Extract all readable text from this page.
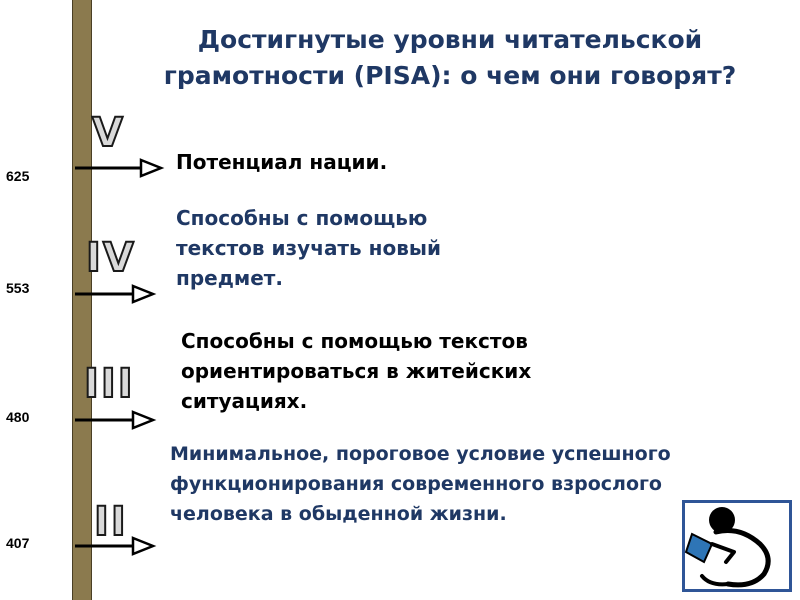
Достигнутые уровни читательской
грамотности (PISA): о чем они говорят?
625
553
480
407
V
IV
III
II
Потенциал нации.
Способны с помощью
текстов изучать новый
предмет.
Способны с помощью текстов
ориентироваться в житейских
ситуациях.
Минимальное, пороговое условие успешного
функционирования современного взрослого
человека в обыденной жизни.
